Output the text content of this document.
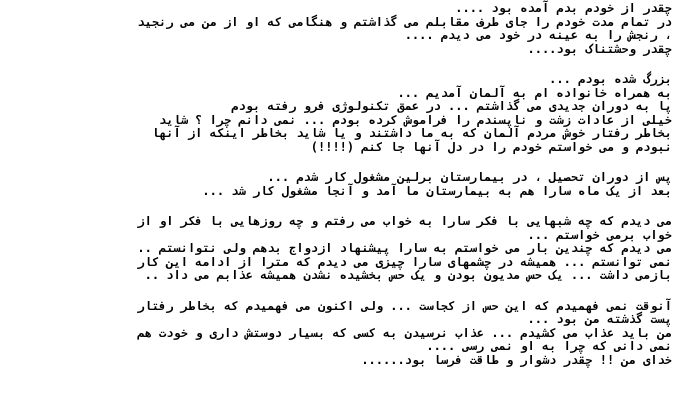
چقدر از خودم بدم آمده بود ....
در تمام مدت خودم را جای طرف مقابلم می گذاشتم و هنگامی که او از من می رنجید
، رنجش را به عینه در خود می دیدم ....
چقدر وحشتناک بود....
بزرگ شده بودم ...
به همراه خانواده ام به آلمان آمدیم ...
پا به دوران جدیدی می گذاشتم ... در عمق تکنولوژی فرو رفته بودم
خیلی از عادات زشت و ناپسندم را فراموش کرده بودم ... نمی دانم چرا ؟ شاید
بخاطر رفتار خوش مردم آلمان که به ما داشتند و یا شاید بخاطر اینکه از آنها
نبودم و می خواستم خودم را در دل آنها جا کنم (!!!!)
پس از دوران تحصیل ، در بیمارستان برلین مشغول کار شدم ...
بعد از یک ماه سارا هم به بیمارستان ما آمد و آنجا مشغول کار شد ...
می دیدم که چه شبهایی با فکر سارا به خواب می رفتم و چه روزهایی با فکر او از
خواب برمی خواستم ...
می دیدم که چندین بار می خواستم به سارا پیشنهاد ازدواج بدهم ولی نتوانستم ..
نمی توانستم ... همیشه در چشمهای سارا چیزی می دیدم که مترا از ادامه این کار
بازمی داشت ... یک حس مدیون بودن و یک حس بخشیده نشدن همیشه عذابم می داد ..
آنوقت نمی فهمیدم که این حس از کجاست ... ولی اکنون می فهمیدم که بخاطر رفتار
پست گذشته من بود ...
من باید عذاب می کشیدم ... عذاب نرسیدن به کسی که بسیار دوستش داری و خودت هم
نمی دانی که چرا به او نمی رسی ....
خدای من !! چقدر دشوار و طاقت فرسا بود......
